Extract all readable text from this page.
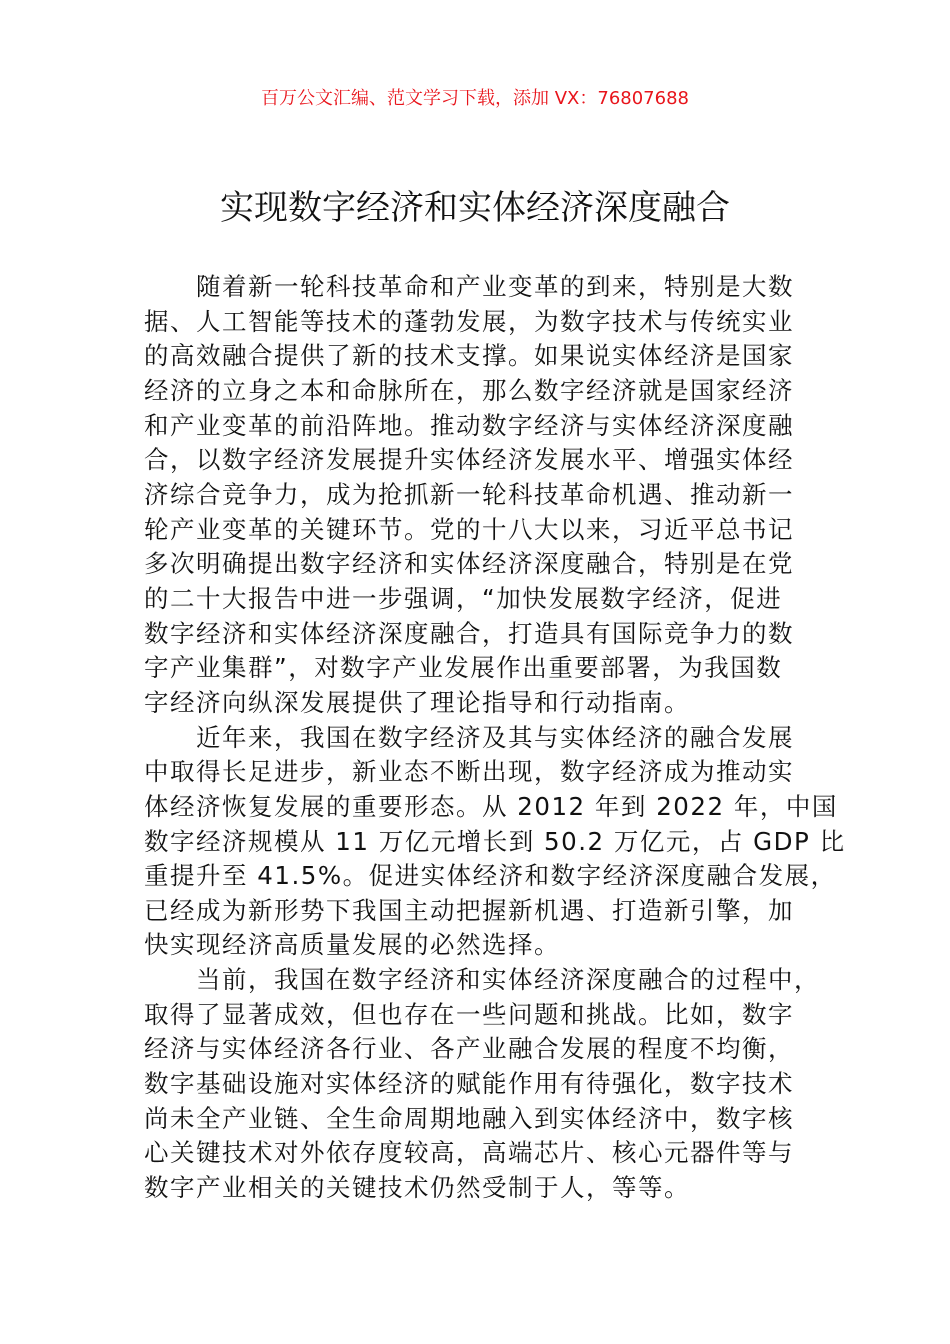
百万公文汇编、范文学习下载，添加 VX：76807688
实现数字经济和实体经济深度融合
随着新一轮科技革命和产业变革的到来，特别是大数
据、人工智能等技术的蓬勃发展，为数字技术与传统实业
的高效融合提供了新的技术支撑。如果说实体经济是国家
经济的立身之本和命脉所在，那么数字经济就是国家经济
和产业变革的前沿阵地。推动数字经济与实体经济深度融
合，以数字经济发展提升实体经济发展水平、增强实体经
济综合竞争力，成为抢抓新一轮科技革命机遇、推动新一
轮产业变革的关键环节。党的十八大以来，习近平总书记
多次明确提出数字经济和实体经济深度融合，特别是在党
的二十大报告中进一步强调，“加快发展数字经济，促进
数字经济和实体经济深度融合，打造具有国际竞争力的数
字产业集群”，对数字产业发展作出重要部署，为我国数
字经济向纵深发展提供了理论指导和行动指南。
近年来，我国在数字经济及其与实体经济的融合发展
中取得长足进步，新业态不断出现，数字经济成为推动实
体经济恢复发展的重要形态。从 2012 年到 2022 年，中国
数字经济规模从 11 万亿元增长到 50.2 万亿元，占 GDP 比
重提升至 41.5%。促进实体经济和数字经济深度融合发展，
已经成为新形势下我国主动把握新机遇、打造新引擎，加
快实现经济高质量发展的必然选择。
当前，我国在数字经济和实体经济深度融合的过程中，
取得了显著成效，但也存在一些问题和挑战。比如，数字
经济与实体经济各行业、各产业融合发展的程度不均衡，
数字基础设施对实体经济的赋能作用有待强化，数字技术
尚未全产业链、全生命周期地融入到实体经济中，数字核
心关键技术对外依存度较高，高端芯片、核心元器件等与
数字产业相关的关键技术仍然受制于人，等等。
